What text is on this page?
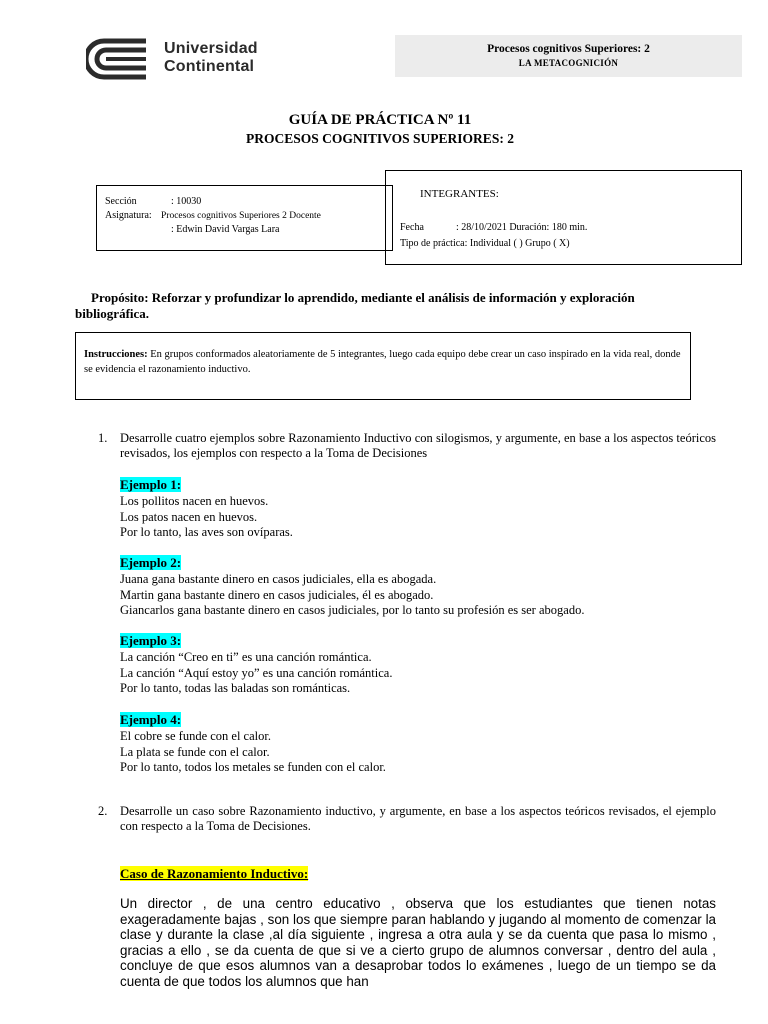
Universidad
Continental
Procesos cognitivos Superiores: 2
LA METACOGNICIÓN
GUÍA DE PRÁCTICA Nº 11
PROCESOS COGNITIVOS SUPERIORES: 2
INTEGRANTES:
Fecha	: 28/10/2021 Duración: 180 min.
Tipo de práctica: Individual ( ) Grupo ( X)
Sección	: 10030
Asignatura: Procesos cognitivos Superiores 2 Docente
: Edwin David Vargas Lara
Propósito: Reforzar y profundizar lo aprendido, mediante el análisis de información y exploración bibliográfica.
Instrucciones: En grupos conformados aleatoriamente de 5 integrantes, luego cada equipo debe crear un caso inspirado en la vida real, donde se evidencia el razonamiento inductivo.
1. Desarrolle cuatro ejemplos sobre Razonamiento Inductivo con silogismos, y argumente, en base a los aspectos teóricos revisados, los ejemplos con respecto a la Toma de Decisiones
Ejemplo 1:
Los pollitos nacen en huevos.
Los patos nacen en huevos.
Por lo tanto, las aves son ovíparas.
Ejemplo 2:
Juana gana bastante dinero en casos judiciales, ella es abogada.
Martin gana bastante dinero en casos judiciales, él es abogado.
Giancarlos gana bastante dinero en casos judiciales, por lo tanto su profesión es ser abogado.
Ejemplo 3:
La canción “Creo en ti” es una canción romántica.
La canción “Aquí estoy yo” es una canción romántica.
Por lo tanto, todas las baladas son románticas.
Ejemplo 4:
El cobre se funde con el calor.
La plata se funde con el calor.
Por lo tanto, todos los metales se funden con el calor.
2. Desarrolle un caso sobre Razonamiento inductivo, y argumente, en base a los aspectos teóricos revisados, el ejemplo con respecto a la Toma de Decisiones.
Caso de Razonamiento Inductivo:
Un director , de una centro educativo , observa que los estudiantes que tienen notas exageradamente bajas , son los que siempre paran hablando y jugando al momento de comenzar la clase y durante la clase ,al día siguiente , ingresa a otra aula y se da cuenta que pasa lo mismo , gracias a ello , se da cuenta de que si ve a cierto grupo de alumnos conversar , dentro del aula , concluye de que esos alumnos van a desaprobar todos lo exámenes , luego de un tiempo se da cuenta de que todos los alumnos que han
